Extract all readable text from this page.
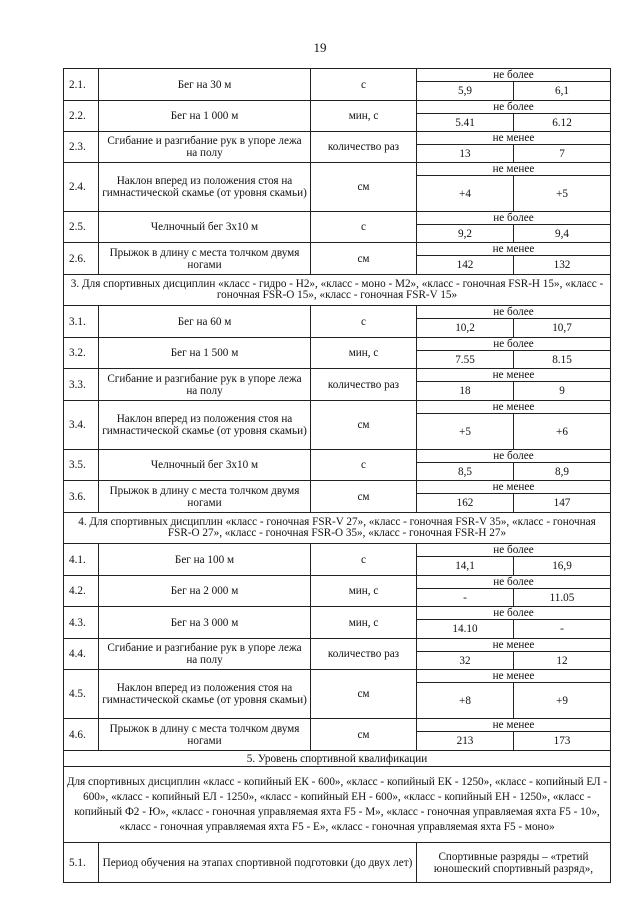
19
2.1.	Бег на 30 м	с	не более
5,9 6,1

2.2.	Бег на 1 000 м	мин, с	не более
5.41 6.12

2.3.	Сгибание и разгибание рук в упоре лежа на полу	количество раз	не менее
13 7

2.4.	Наклон вперед из положения стоя на гимнастической скамье (от уровня скамьи)	см	не менее
+4 +5

2.5.	Челночный бег 3х10 м	с	не более
9,2 9,4

2.6.	Прыжок в длину с места толчком двумя ногами	см	не менее
142 132

3. Для спортивных дисциплин «класс - гидро - Н2», «класс - моно - М2», «класс - гоночная FSR-H 15», «класс - гоночная FSR-O 15», «класс - гоночная FSR-V 15»			
3.1.	Бег на 60 м	с	не более
10,2 10,7

3.2.	Бег на 1 500 м	мин, с	не более
7.55 8.15

3.3.	Сгибание и разгибание рук в упоре лежа на полу	количество раз	не менее
18 9

3.4.	Наклон вперед из положения стоя на гимнастической скамье (от уровня скамьи)	см	не менее
+5 +6

3.5.	Челночный бег 3х10 м	с	не более
8,5 8,9

3.6.	Прыжок в длину с места толчком двумя ногами	см	не менее
162 147

4. Для спортивных дисциплин «класс - гоночная FSR-V 27», «класс - гоночная FSR-V 35», «класс - гоночная FSR-O 27», «класс - гоночная FSR-O 35», «класс - гоночная FSR-H 27»			
4.1.	Бег на 100 м	с	не более
14,1 16,9

4.2.	Бег на 2 000 м	мин, с	не более
- 11.05

4.3.	Бег на 3 000 м	мин, с	не более
14.10 -

4.4.	Сгибание и разгибание рук в упоре лежа на полу	количество раз	не менее
32 12

4.5.	Наклон вперед из положения стоя на гимнастической скамье (от уровня скамьи)	см	не менее
+8 +9

4.6.	Прыжок в длину с места толчком двумя ногами	см	не менее
213 173

5. Уровень спортивной квалификации			
Для спортивных дисциплин «класс - копийный ЕК - 600», «класс - копийный ЕК - 1250», «класс - копийный ЕЛ - 600», «класс - копийный ЕЛ - 1250», «класс - копийный ЕН - 600», «класс - копийный ЕН - 1250», «класс - копийный Ф2 - Ю», «класс - гоночная управляемая яхта F5 - М», «класс - гоночная управляемая яхта F5 - 10», «класс - гоночная управляемая яхта F5 - Е», «класс - гоночная управляемая яхта F5 - моно»			
5.1.	Период обучения на этапах спортивной подготовки (до двух лет)		Спортивные разряды – «третий юношеский спортивный разряд»,
